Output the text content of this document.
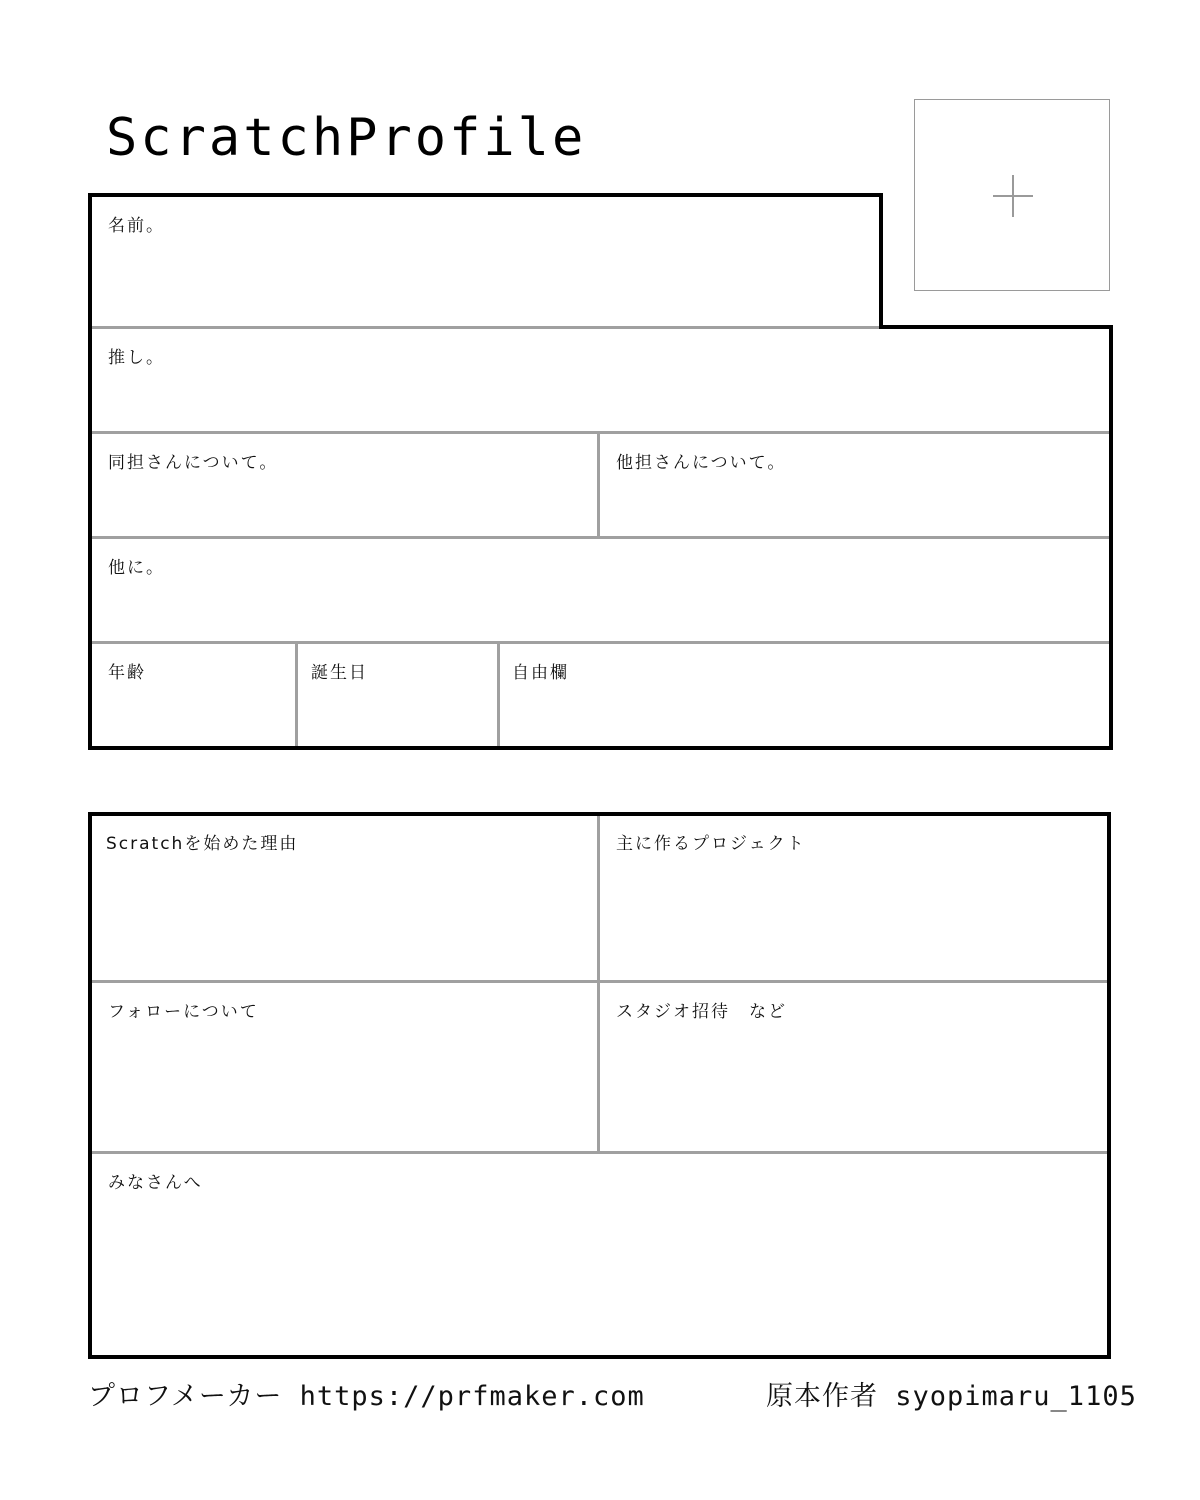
ScratchProfile
名前。
推し。
同担さんについて。	他担さんについて。
他に。
年齢	誕生日	自由欄
Scratchを始めた理由	主に作るプロジェクト
フォローについて	スタジオ招待　など
みなさんへ
プロフメーカー https://prfmaker.com	原本作者 syopimaru_1105
